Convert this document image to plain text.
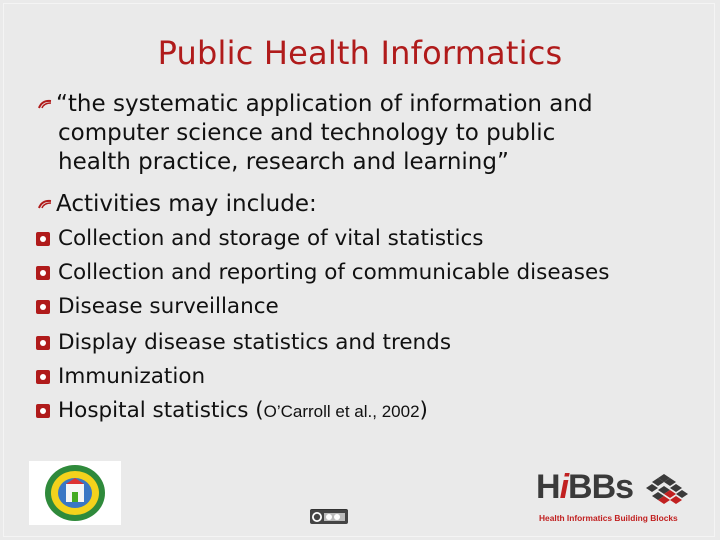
Public Health Informatics
“the systematic application of information and
computer science and technology to public
health practice, research and learning”
Activities may include:
Collection and storage of vital statistics
Collection and reporting of communicable diseases
Disease surveillance
Display disease statistics and trends
Immunization
Hospital statistics (O’Carroll et al., 2002)
HiBBs
Health Informatics Building Blocks
